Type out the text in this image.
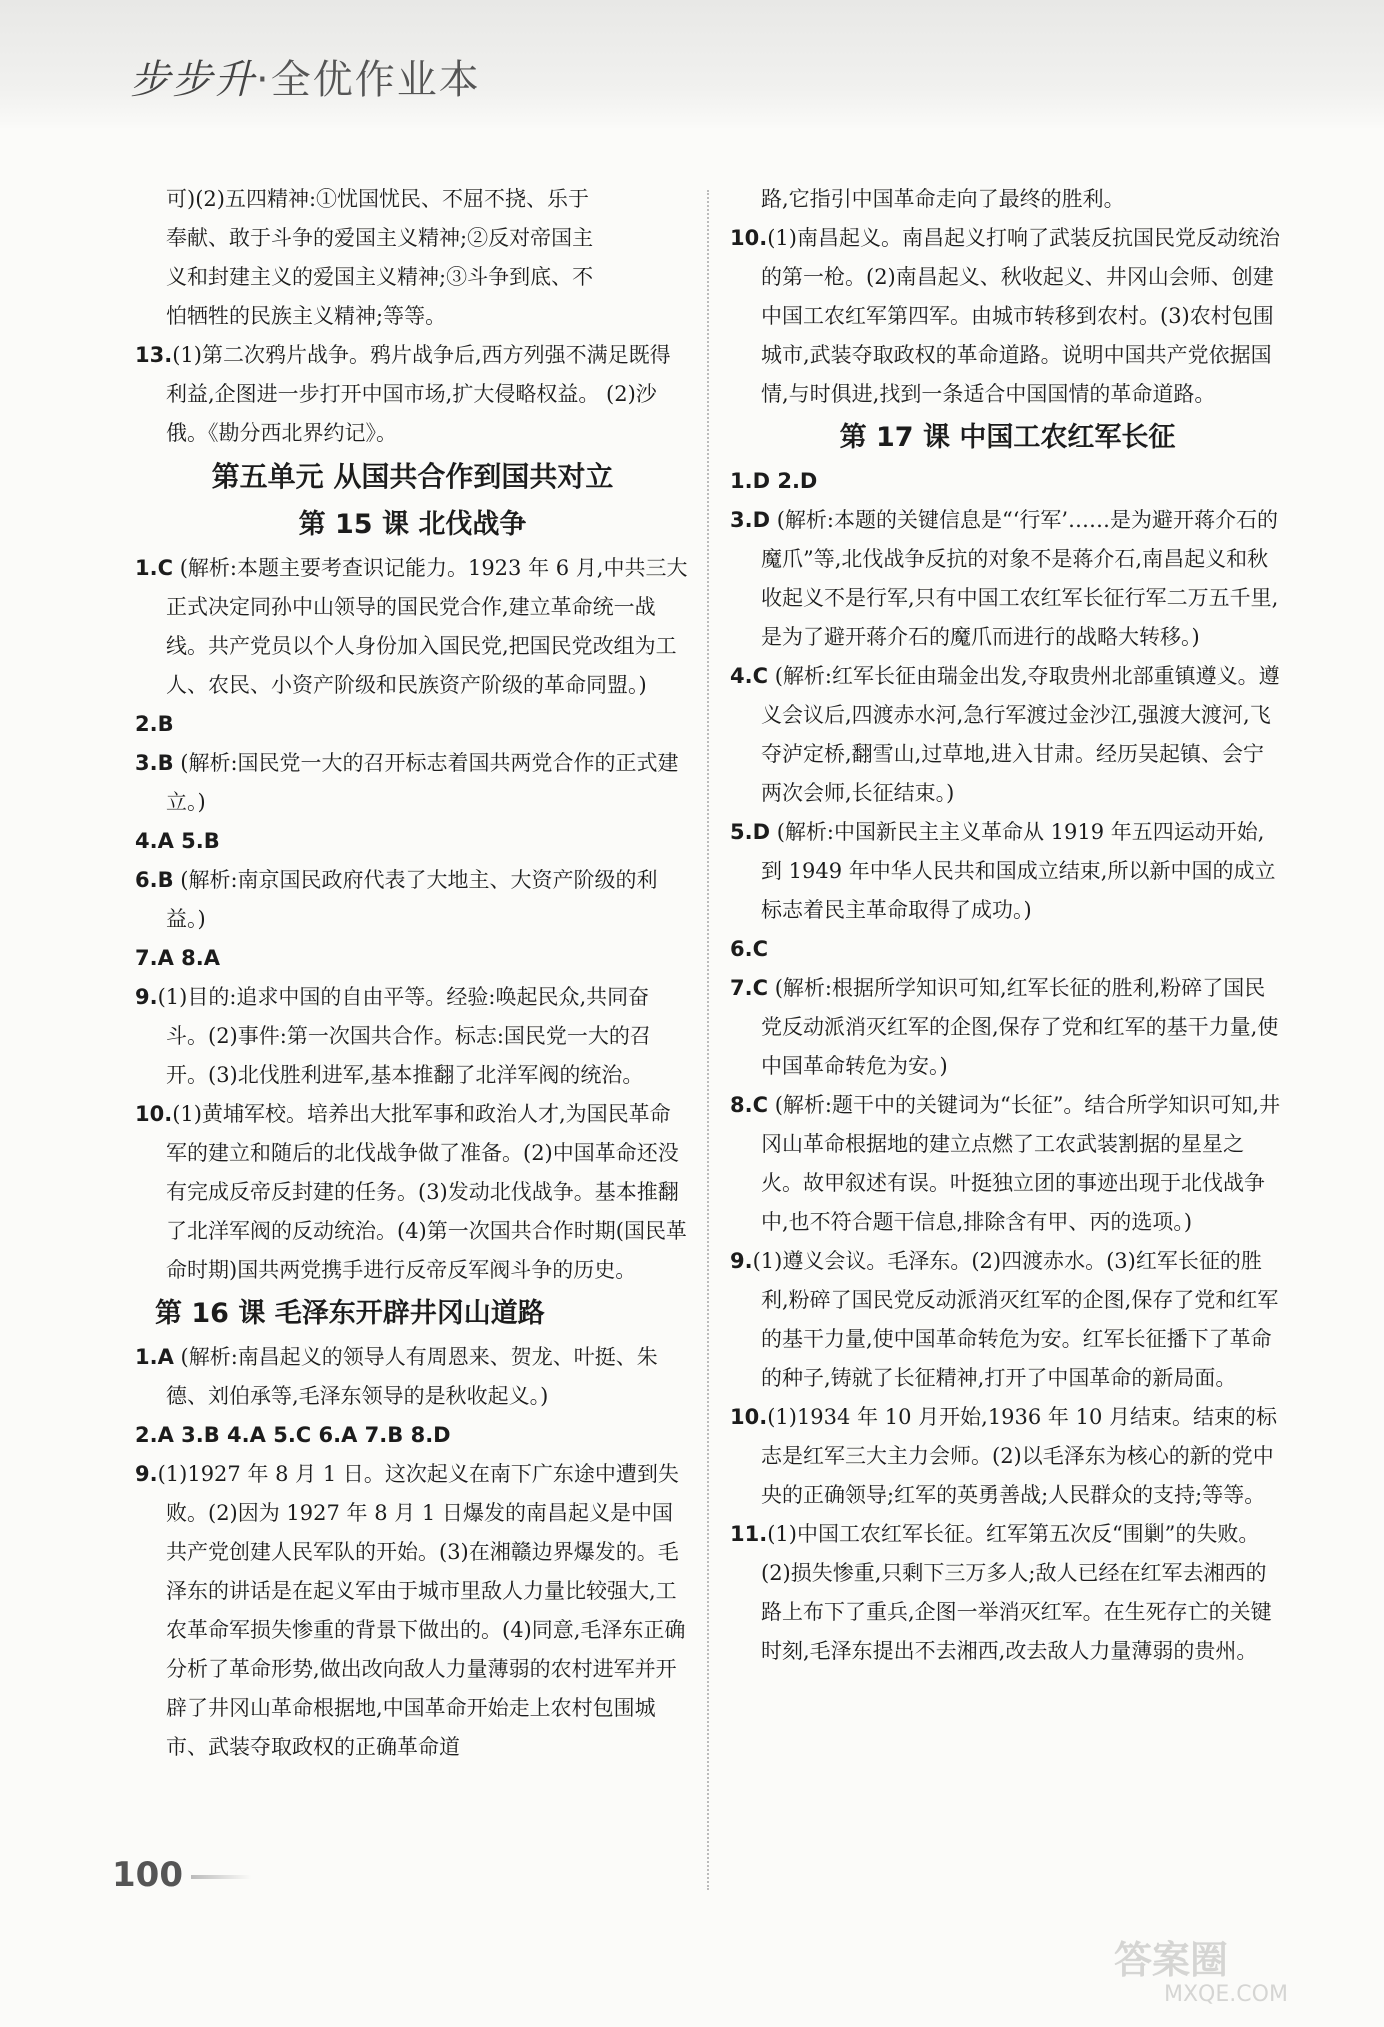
步步升·全优作业本

可)(2)五四精神:①忧国忧民、不屈不挠、乐于

奉献、敢于斗争的爱国主义精神;②反对帝国主

义和封建主义的爱国主义精神;③斗争到底、不

怕牺牲的民族主义精神;等等。

13.(1)第二次鸦片战争。鸦片战争后,西方列强不满足既得利益,企图进一步打开中国市场,扩大侵略权益。 (2)沙俄。《勘分西北界约记》。

第五单元 从国共合作到国共对立
第 15 课 北伐战争

1.C (解析:本题主要考查识记能力。1923 年 6 月,中共三大正式决定同孙中山领导的国民党合作,建立革命统一战线。共产党员以个人身份加入国民党,把国民党改组为工人、农民、小资产阶级和民族资产阶级的革命同盟。)

2.B

3.B (解析:国民党一大的召开标志着国共两党合作的正式建立。)

4.A 5.B

6.B (解析:南京国民政府代表了大地主、大资产阶级的利益。)

7.A 8.A

9.(1)目的:追求中国的自由平等。经验:唤起民众,共同奋斗。(2)事件:第一次国共合作。标志:国民党一大的召开。(3)北伐胜利进军,基本推翻了北洋军阀的统治。

10.(1)黄埔军校。培养出大批军事和政治人才,为国民革命军的建立和随后的北伐战争做了准备。(2)中国革命还没有完成反帝反封建的任务。(3)发动北伐战争。基本推翻了北洋军阀的反动统治。(4)第一次国共合作时期(国民革命时期)国共两党携手进行反帝反军阀斗争的历史。

第 16 课 毛泽东开辟井冈山道路

1.A (解析:南昌起义的领导人有周恩来、贺龙、叶挺、朱德、刘伯承等,毛泽东领导的是秋收起义。)

2.A 3.B 4.A 5.C 6.A 7.B 8.D

9.(1)1927 年 8 月 1 日。这次起义在南下广东途中遭到失败。(2)因为 1927 年 8 月 1 日爆发的南昌起义是中国共产党创建人民军队的开始。(3)在湘赣边界爆发的。毛泽东的讲话是在起义军由于城市里敌人力量比较强大,工农革命军损失惨重的背景下做出的。(4)同意,毛泽东正确分析了革命形势,做出改向敌人力量薄弱的农村进军并开辟了井冈山革命根据地,中国革命开始走上农村包围城市、武装夺取政权的正确革命道

路,它指引中国革命走向了最终的胜利。

10.(1)南昌起义。南昌起义打响了武装反抗国民党反动统治的第一枪。(2)南昌起义、秋收起义、井冈山会师、创建中国工农红军第四军。由城市转移到农村。(3)农村包围城市,武装夺取政权的革命道路。说明中国共产党依据国情,与时俱进,找到一条适合中国国情的革命道路。

第 17 课 中国工农红军长征

1.D 2.D

3.D (解析:本题的关键信息是“‘行军’……是为避开蒋介石的魔爪”等,北伐战争反抗的对象不是蒋介石,南昌起义和秋收起义不是行军,只有中国工农红军长征行军二万五千里,是为了避开蒋介石的魔爪而进行的战略大转移。)

4.C (解析:红军长征由瑞金出发,夺取贵州北部重镇遵义。遵义会议后,四渡赤水河,急行军渡过金沙江,强渡大渡河,飞夺泸定桥,翻雪山,过草地,进入甘肃。经历吴起镇、会宁两次会师,长征结束。)

5.D (解析:中国新民主主义革命从 1919 年五四运动开始,到 1949 年中华人民共和国成立结束,所以新中国的成立标志着民主革命取得了成功。)

6.C

7.C (解析:根据所学知识可知,红军长征的胜利,粉碎了国民党反动派消灭红军的企图,保存了党和红军的基干力量,使中国革命转危为安。)

8.C (解析:题干中的关键词为“长征”。结合所学知识可知,井冈山革命根据地的建立点燃了工农武装割据的星星之火。故甲叙述有误。叶挺独立团的事迹出现于北伐战争中,也不符合题干信息,排除含有甲、丙的选项。)

9.(1)遵义会议。毛泽东。(2)四渡赤水。(3)红军长征的胜利,粉碎了国民党反动派消灭红军的企图,保存了党和红军的基干力量,使中国革命转危为安。红军长征播下了革命的种子,铸就了长征精神,打开了中国革命的新局面。

10.(1)1934 年 10 月开始,1936 年 10 月结束。结束的标志是红军三大主力会师。(2)以毛泽东为核心的新的党中央的正确领导;红军的英勇善战;人民群众的支持;等等。

11.(1)中国工农红军长征。红军第五次反“围剿”的失败。(2)损失惨重,只剩下三万多人;敌人已经在红军去湘西的路上布下了重兵,企图一举消灭红军。在生死存亡的关键时刻,毛泽东提出不去湘西,改去敌人力量薄弱的贵州。

100
答案圈
MXQE.COM
